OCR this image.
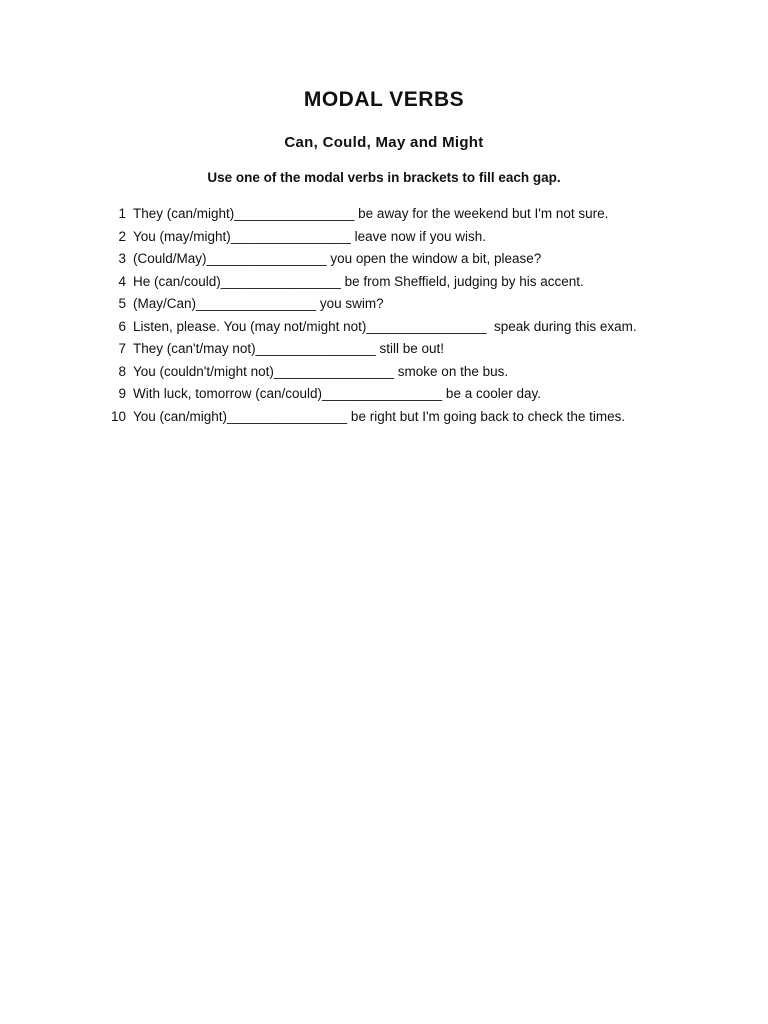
MODAL VERBS
Can, Could, May and Might
Use one of the modal verbs in brackets to fill each gap.
1 They (can/might)________________ be away for the weekend but I'm not sure.
2 You (may/might)________________ leave now if you wish.
3 (Could/May)________________ you open the window a bit, please?
4 He (can/could)________________ be from Sheffield, judging by his accent.
5 (May/Can)________________ you swim?
6 Listen, please. You (may not/might not)________________  speak during this exam.
7 They (can't/may not)________________ still be out!
8 You (couldn't/might not)________________ smoke on the bus.
9 With luck, tomorrow (can/could)________________ be a cooler day.
10 You (can/might)________________ be right but I'm going back to check the times.
